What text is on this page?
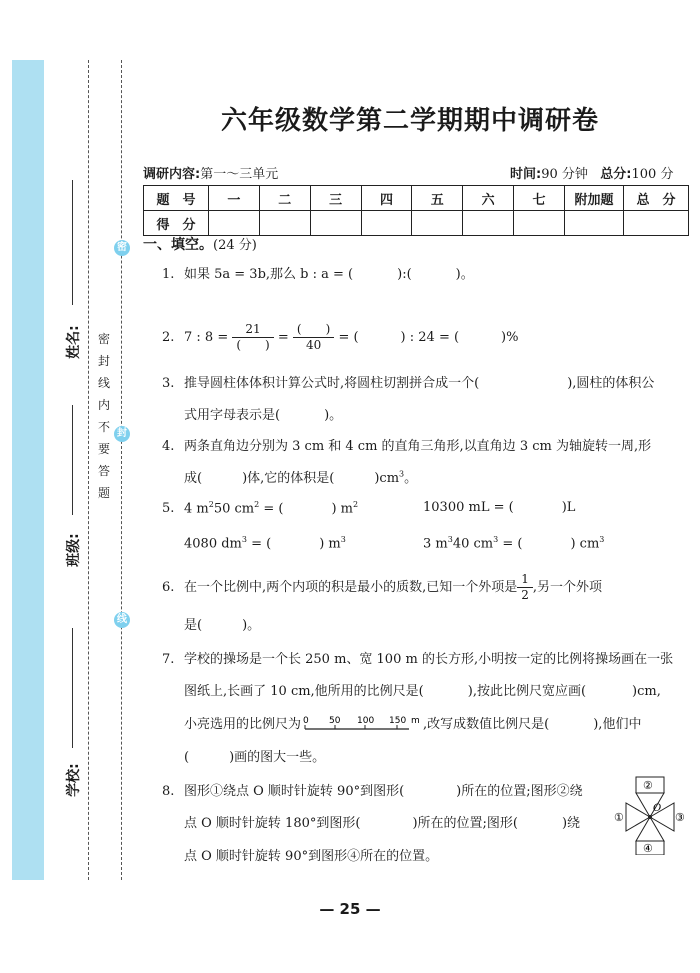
姓名:
班级:
学校:
密
封
线
密
封
线
内
不
要
答
题
六年级数学第二学期期中调研卷
调研内容:第一～三单元	时间:90 分钟 总分:100 分
题　号	一	二	三	四	五	六	七	附加题	总　分
得　分									
一、填空。(24 分)
1. 如果 5a = 3b,那么 b : a = (	):(	)。
2. 7 : $8 = \frac{21}{( )} = \frac{( )}{40}$ = (	) : 24 = (	)%
3. 推导圆柱体体积计算公式时,将圆柱切割拼合成一个(	),圆柱的体积公
式用字母表示是(	)。
4. 两条直角边分别为 3 cm 和 4 cm 的直角三角形,以直角边 3 cm 为轴旋转一周,形
成(	)体,它的体积是(	)$cm^3$。
5. 4 $m^250$ $cm^2$ = (	) $m^2$	10300 mL = (	)L
4080 $dm^3$ = (	) $m^3$	3 $m^340$ $cm^3$ = (	) $cm^3$
6. 在一个比例中,两个内项的积是最小的质数,已知一个外项是 $\frac{1}{2}$ ,另一个外项
是(	)。
7. 学校的操场是一个长 250 m、宽 100 m 的长方形,小明按一定的比例将操场画在一张
图纸上,长画了 10 cm,他所用的比例尺是(	),按此比例尺宽应画(	)cm,
小亮选用的比例尺为 0 50 100 150 m ,改写成数值比例尺是(	),他们中
(	)画的图大一些。
8. 图形①绕点 O 顺时针旋转 90°到图形(	)所在的位置;图形②绕
点 O 顺时针旋转 180°到图形(	)所在的位置;图形(	)绕
点 O 顺时针旋转 90°到图形④所在的位置。
②
④
①	③
O
— 25 —
